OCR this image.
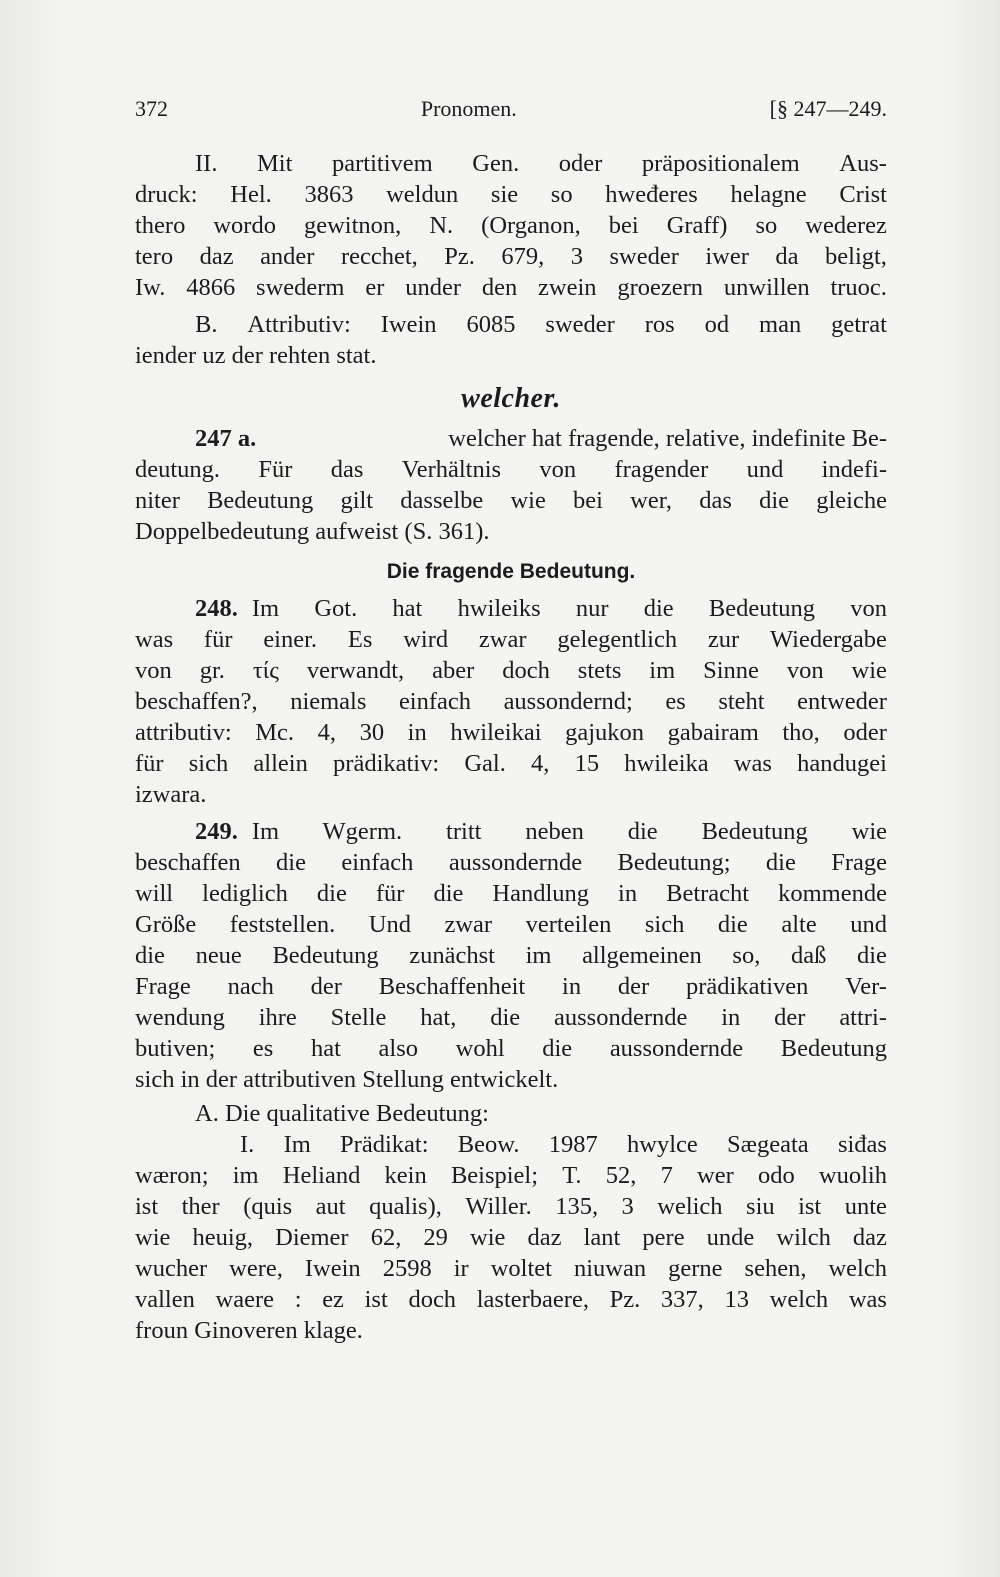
372	Pronomen.	[§ 247—249.
II. Mit partitivem Gen. oder präpositionalem Aus-
druck: Hel. 3863 weldun sie so hweđeres helagne Crist
thero wordo gewitnon, N. (Organon, bei Graff) so wederez
tero daz ander recchet, Pz. 679, 3 sweder iwer da beligt,
Iw. 4866 swederm er under den zwein groezern unwillen truoc.
B. Attributiv: Iwein 6085 sweder ros od man getrat
iender uz der rehten stat.
welcher.
247 a.	welcher hat fragende, relative, indefinite Be-
deutung. Für das Verhältnis von fragender und indefi-
niter Bedeutung gilt dasselbe wie bei wer, das die gleiche
Doppelbedeutung aufweist (S. 361).
Die fragende Bedeutung.
248. Im Got. hat hwileiks nur die Bedeutung von
was für einer. Es wird zwar gelegentlich zur Wiedergabe
von gr. τίς verwandt, aber doch stets im Sinne von wie
beschaffen?, niemals einfach aussondernd; es steht entweder
attributiv: Mc. 4, 30 in hwileikai gajukon gabairam tho, oder
für sich allein prädikativ: Gal. 4, 15 hwileika was handugei
izwara.
249. Im Wgerm. tritt neben die Bedeutung wie
beschaffen die einfach aussondernde Bedeutung; die Frage
will lediglich die für die Handlung in Betracht kommende
Größe feststellen. Und zwar verteilen sich die alte und
die neue Bedeutung zunächst im allgemeinen so, daß die
Frage nach der Beschaffenheit in der prädikativen Ver-
wendung ihre Stelle hat, die aussondernde in der attri-
butiven; es hat also wohl die aussondernde Bedeutung
sich in der attributiven Stellung entwickelt.
A. Die qualitative Bedeutung:
I. Im Prädikat: Beow. 1987 hwylce Sægeata siđas
wæron; im Heliand kein Beispiel; T. 52, 7 wer odo wuolih
ist ther (quis aut qualis), Willer. 135, 3 welich siu ist unte
wie heuig, Diemer 62, 29 wie daz lant pere unde wilch daz
wucher were, Iwein 2598 ir woltet niuwan gerne sehen, welch
vallen waere : ez ist doch lasterbaere, Pz. 337, 13 welch was
froun Ginoveren klage.
